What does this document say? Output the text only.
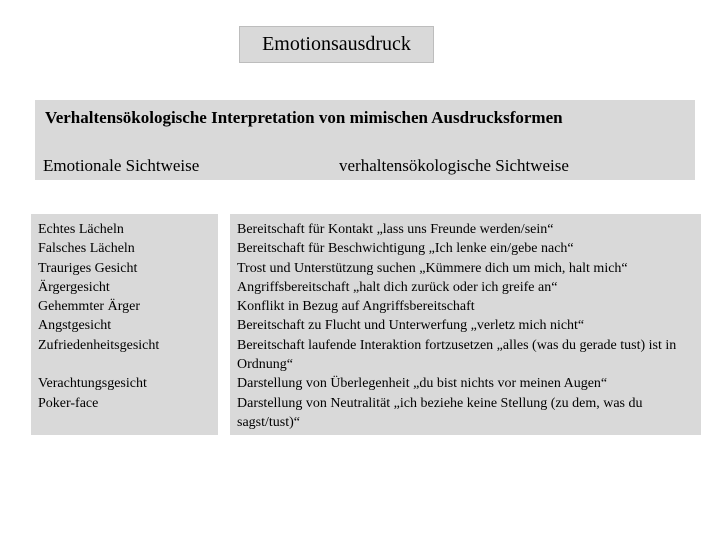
Emotionsausdruck
Verhaltensökologische Interpretation von mimischen Ausdrucksformen
Emotionale Sichtweise	verhaltensökologische Sichtweise
Echtes Lächeln
Falsches Lächeln
Trauriges Gesicht
Ärgergesicht
Gehemmter Ärger
Angstgesicht
Zufriedenheitsgesicht
Verachtungsgesicht
Poker-face
Bereitschaft für Kontakt „lass uns Freunde werden/sein“
Bereitschaft für Beschwichtigung „Ich lenke ein/gebe nach“
Trost und Unterstützung suchen „Kümmere dich um mich, halt mich“
Angriffsbereitschaft „halt dich zurück oder ich greife an“
Konflikt in Bezug auf Angriffsbereitschaft
Bereitschaft zu Flucht und Unterwerfung „verletz mich nicht“
Bereitschaft laufende Interaktion fortzusetzen „alles (was du gerade tust) ist in Ordnung“
Darstellung von Überlegenheit „du bist nichts vor meinen Augen“
Darstellung von Neutralität „ich beziehe keine Stellung (zu dem, was du sagst/tust)“
